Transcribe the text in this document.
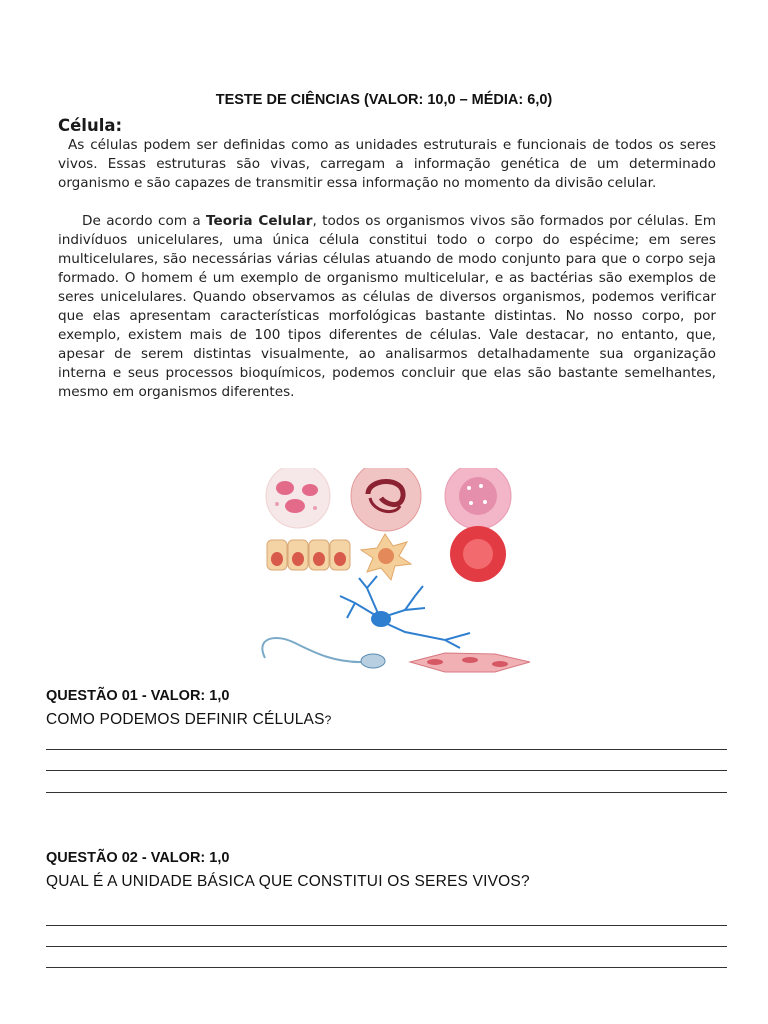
TESTE DE CIÊNCIAS (VALOR: 10,0 – MÉDIA: 6,0)
Célula:
As células podem ser definidas como as unidades estruturais e funcionais de todos os seres vivos. Essas estruturas são vivas, carregam a informação genética de um determinado organismo e são capazes de transmitir essa informação no momento da divisão celular.
De acordo com a Teoria Celular, todos os organismos vivos são formados por células. Em indivíduos unicelulares, uma única célula constitui todo o corpo do espécime; em seres multicelulares, são necessárias várias células atuando de modo conjunto para que o corpo seja formado. O homem é um exemplo de organismo multicelular, e as bactérias são exemplos de seres unicelulares. Quando observamos as células de diversos organismos, podemos verificar que elas apresentam características morfológicas bastante distintas. No nosso corpo, por exemplo, existem mais de 100 tipos diferentes de células. Vale destacar, no entanto, que, apesar de serem distintas visualmente, ao analisarmos detalhadamente sua organização interna e seus processos bioquímicos, podemos concluir que elas são bastante semelhantes, mesmo em organismos diferentes.
QUESTÃO 01 - VALOR: 1,0
COMO PODEMOS DEFINIR CÉLULAS?
QUESTÃO 02 - VALOR: 1,0
QUAL É A UNIDADE BÁSICA QUE CONSTITUI OS SERES VIVOS?
